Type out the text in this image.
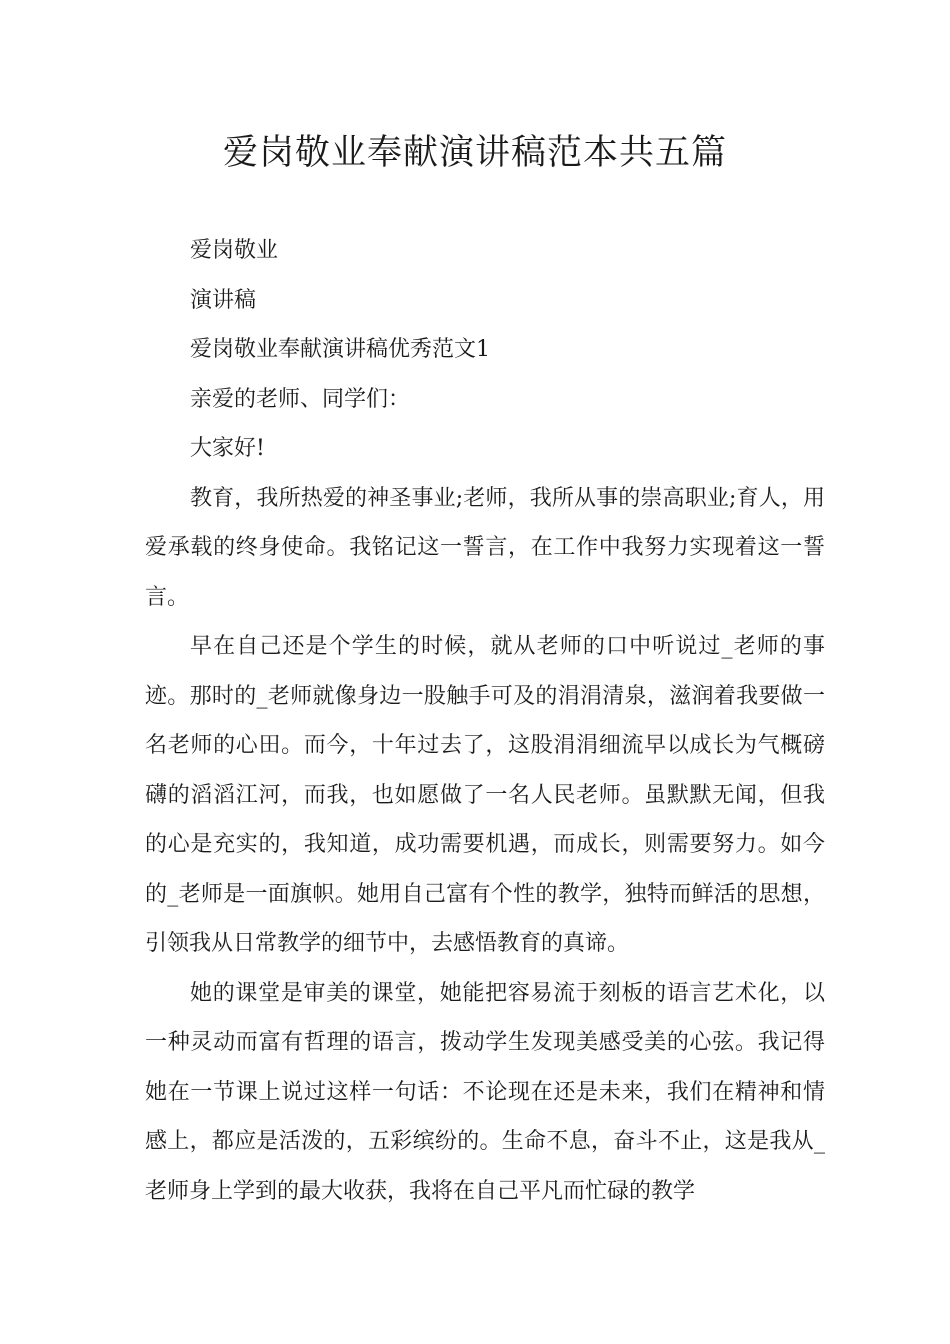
爱岗敬业奉献演讲稿范本共五篇

爱岗敬业

演讲稿

爱岗敬业奉献演讲稿优秀范文1

亲爱的老师、同学们：

大家好!

教育，我所热爱的神圣事业;老师，我所从事的崇高职业;育人，用爱承载的终身使命。我铭记这一誓言，在工作中我努力实现着这一誓言。

早在自己还是个学生的时候，就从老师的口中听说过_老师的事迹。那时的_老师就像身边一股触手可及的涓涓清泉，滋润着我要做一名老师的心田。而今，十年过去了，这股涓涓细流早以成长为气概磅礴的滔滔江河，而我，也如愿做了一名人民老师。虽默默无闻，但我的心是充实的，我知道，成功需要机遇，而成长，则需要努力。如今的_老师是一面旗帜。她用自己富有个性的教学，独特而鲜活的思想，引领我从日常教学的细节中，去感悟教育的真谛。

她的课堂是审美的课堂，她能把容易流于刻板的语言艺术化，以一种灵动而富有哲理的语言，拨动学生发现美感受美的心弦。我记得她在一节课上说过这样一句话：不论现在还是未来，我们在精神和情感上，都应是活泼的，五彩缤纷的。生命不息，奋斗不止，这是我从_老师身上学到的最大收获，我将在自己平凡而忙碌的教学
